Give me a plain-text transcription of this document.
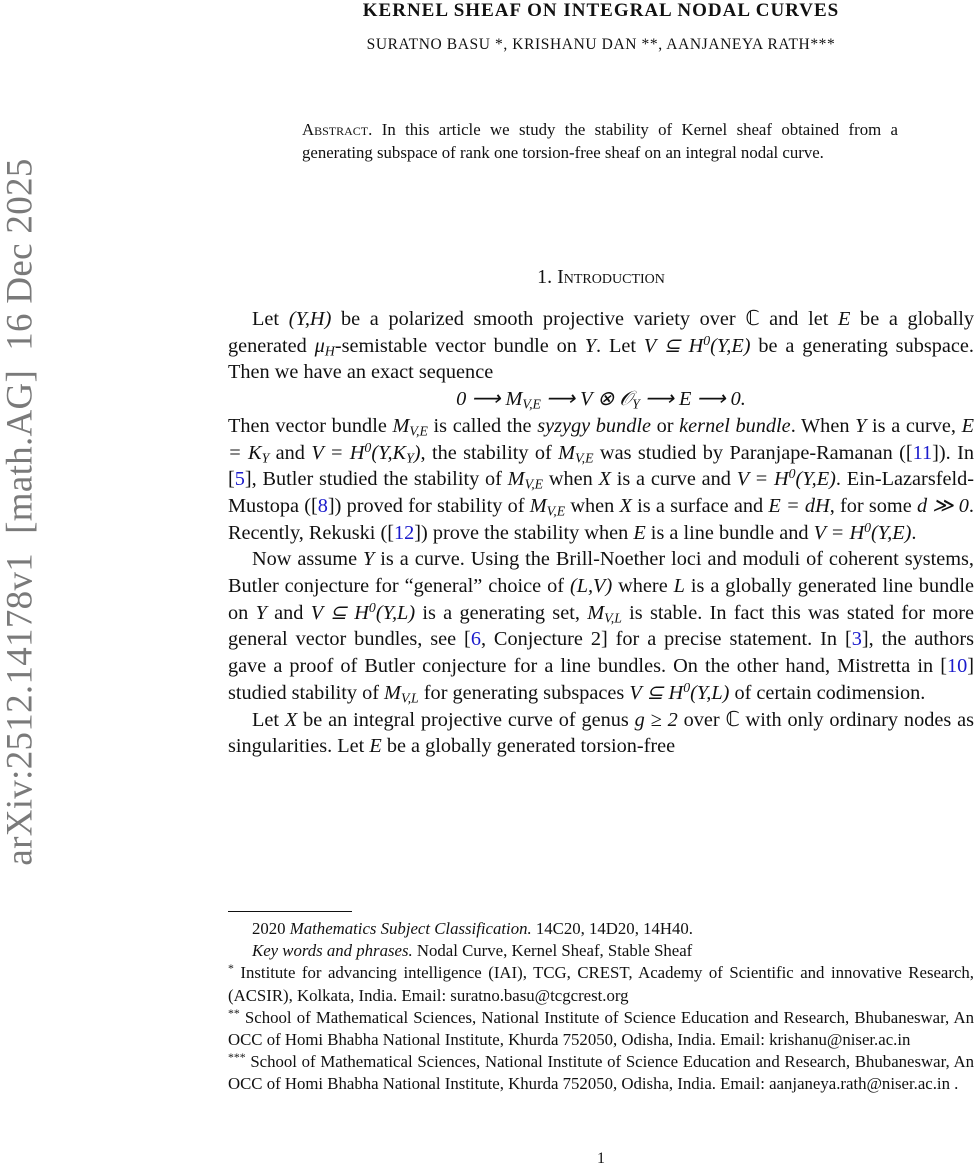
arXiv:2512.14178v1  [math.AG]  16 Dec 2025
KERNEL SHEAF ON INTEGRAL NODAL CURVES
SURATNO BASU *, KRISHANU DAN **, AANJANEYA RATH***
Abstract. In this article we study the stability of Kernel sheaf obtained from a generating subspace of rank one torsion-free sheaf on an integral nodal curve.
1. Introduction

Let (Y,H) be a polarized smooth projective variety over ℂ and let E be a globally generated $\mu_H$-semistable vector bundle on Y. Let V ⊆ $H^0(Y,E)$ be a generating subspace. Then we have an exact sequence

0 ⟶ $M_{V,E}$ ⟶ V ⊗ 𝒪$_Y$ ⟶ E ⟶ 0.

Then vector bundle $M_{V,E}$ is called the syzygy bundle or kernel bundle. When Y is a curve, $E = K_Y$ and $V = H^0(Y,K_Y)$, the stability of $M_{V,E}$ was studied by Paranjape-Ramanan ([11]). In [5], Butler studied the stability of $M_{V,E}$ when X is a curve and $V = H^0(Y,E)$. Ein-Lazarsfeld-Mustopa ([8]) proved for stability of $M_{V,E}$ when X is a surface and E = dH, for some d ≫ 0. Recently, Rekuski ([12]) prove the stability when E is a line bundle and $V = H^0(Y,E)$.

Now assume Y is a curve. Using the Brill-Noether loci and moduli of coherent systems, Butler conjecture for “general” choice of (L,V) where L is a globally generated line bundle on Y and V ⊆ $H^0(Y,L)$ is a generating set, $M_{V,L}$ is stable. In fact this was stated for more general vector bundles, see [6, Conjecture 2] for a precise statement. In [3], the authors gave a proof of Butler conjecture for a line bundles. On the other hand, Mistretta in [10] studied stability of $M_{V,L}$ for generating subspaces V ⊆ $H^0(Y,L)$ of certain codimension.

Let X be an integral projective curve of genus g ≥ 2 over ℂ with only ordinary nodes as singularities. Let E be a globally generated torsion-free

2020 Mathematics Subject Classification. 14C20, 14D20, 14H40.

Key words and phrases. Nodal Curve, Kernel Sheaf, Stable Sheaf

* Institute for advancing intelligence (IAI), TCG, CREST, Academy of Scientific and innovative Research, (ACSIR), Kolkata, India. Email: suratno.basu@tcgcrest.org

** School of Mathematical Sciences, National Institute of Science Education and Research, Bhubaneswar, An OCC of Homi Bhabha National Institute, Khurda 752050, Odisha, India. Email: krishanu@niser.ac.in

*** School of Mathematical Sciences, National Institute of Science Education and Research, Bhubaneswar, An OCC of Homi Bhabha National Institute, Khurda 752050, Odisha, India. Email: aanjaneya.rath@niser.ac.in .

1
